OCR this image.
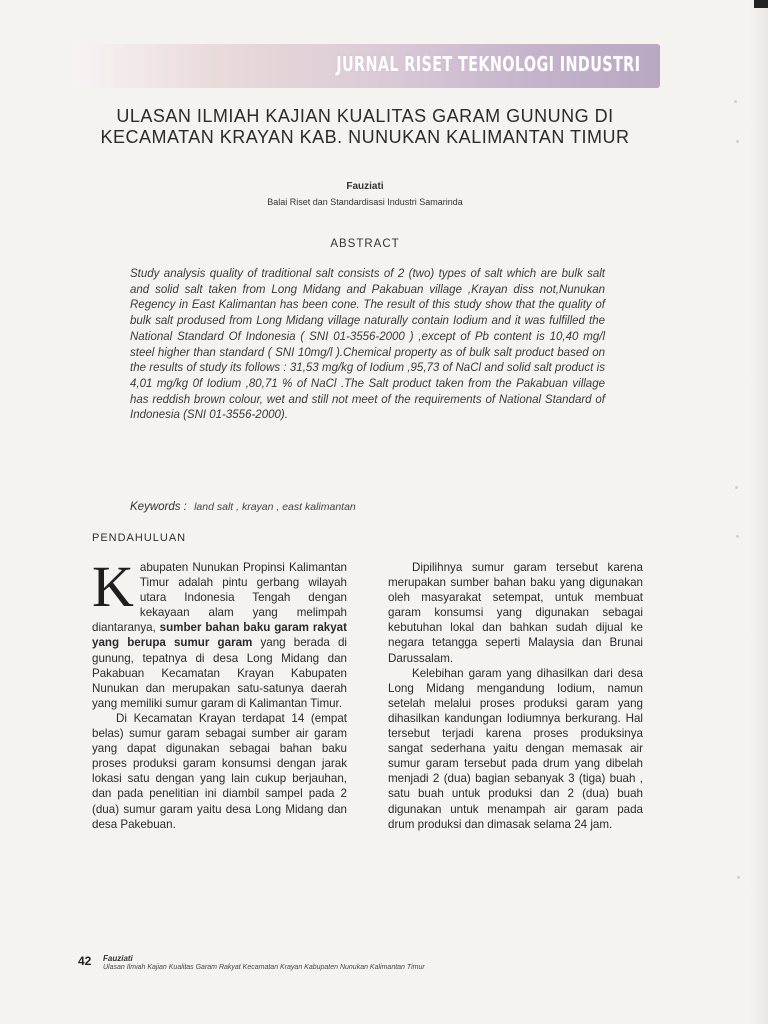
JURNAL RISET TEKNOLOGI INDUSTRI
ULASAN ILMIAH KAJIAN KUALITAS GARAM GUNUNG DI KECAMATAN KRAYAN KAB. NUNUKAN KALIMANTAN TIMUR
Fauziati
Balai Riset dan Standardisasi Industri Samarinda
ABSTRACT

Study analysis quality of traditional salt consists of 2 (two) types of salt which are bulk salt and solid salt taken from Long Midang and Pakabuan village ,Krayan diss not,Nunukan Regency in East Kalimantan has been cone. The result of this study show that the quality of bulk salt prodused from Long Midang village naturally contain Iodium and it was fulfilled the National Standard Of Indonesia ( SNI 01-3556-2000 ) ,except of Pb content is 10,40 mg/l steel higher than standard ( SNI 10mg/l ).Chemical property as of bulk salt product based on the results of study its follows : 31,53 mg/kg of Iodium ,95,73 of NaCl and solid salt product is 4,01 mg/kg 0f Iodium ,80,71 % of NaCl .The Salt product taken from the Pakabuan village has reddish brown colour, wet and still not meet of the requirements of National Standard of Indonesia (SNI 01-3556-2000).

Keywords : land salt , krayan , east kalimantan
PENDAHULUAN

Kabupaten Nunukan Propinsi Kalimantan Timur adalah pintu gerbang wilayah utara Indonesia Tengah dengan kekayaan alam yang melimpah diantaranya, sumber bahan baku garam rakyat yang berupa sumur garam yang berada di gunung, tepatnya di desa Long Midang dan Pakabuan Kecamatan Krayan Kabupaten Nunukan dan merupakan satu-satunya daerah yang memiliki sumur garam di Kalimantan Timur.

Di Kecamatan Krayan terdapat 14 (empat belas) sumur garam sebagai sumber air garam yang dapat digunakan sebagai bahan baku proses produksi garam konsumsi dengan jarak lokasi satu dengan yang lain cukup berjauhan, dan pada penelitian ini diambil sampel pada 2 (dua) sumur garam yaitu desa Long Midang dan desa Pakebuan.

Dipilihnya sumur garam tersebut karena merupakan sumber bahan baku yang digunakan oleh masyarakat setempat, untuk membuat garam konsumsi yang digunakan sebagai kebutuhan lokal dan bahkan sudah dijual ke negara tetangga seperti Malaysia dan Brunai Darussalam.

Kelebihan garam yang dihasilkan dari desa Long Midang mengandung Iodium, namun setelah melalui proses produksi garam yang dihasilkan kandungan Iodiumnya berkurang. Hal tersebut terjadi karena proses produksinya sangat sederhana yaitu dengan memasak air sumur garam tersebut pada drum yang dibelah menjadi 2 (dua) bagian sebanyak 3 (tiga) buah , satu buah untuk produksi dan 2 (dua) buah digunakan untuk menampah air garam pada drum produksi dan dimasak selama 24 jam.

42 Fauziati
Ulasan Ilmiah Kajian Kualitas Garam Rakyat Kecamatan Krayan Kabupaten Nunukan Kalimantan Timur
